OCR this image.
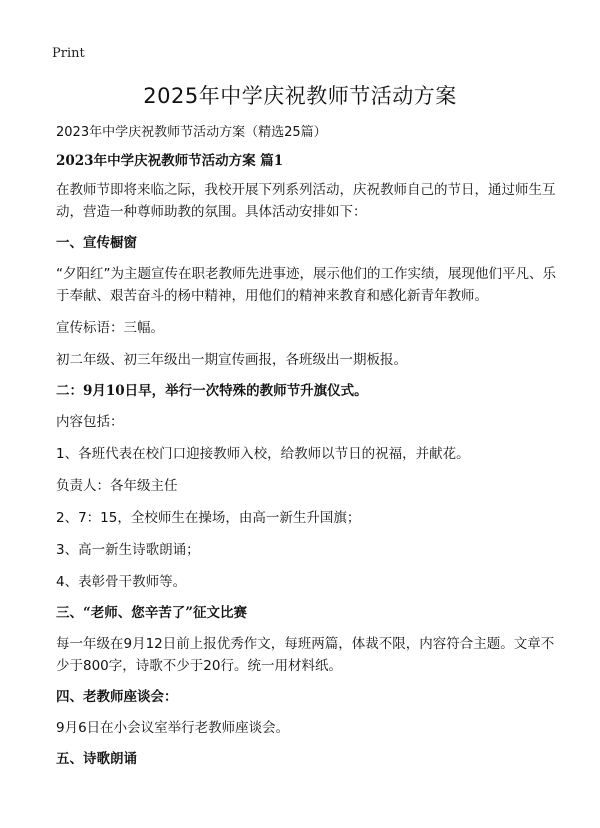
Print
2025年中学庆祝教师节活动方案

2023年中学庆祝教师节活动方案（精选25篇）

2023年中学庆祝教师节活动方案 篇1

在教师节即将来临之际，我校开展下列系列活动，庆祝教师自己的节日，通过师生互动，营造一种尊师助教的氛围。具体活动安排如下：

一、宣传橱窗

“夕阳红”为主题宣传在职老教师先进事迹，展示他们的工作实绩，展现他们平凡、乐于奉献、艰苦奋斗的杨中精神，用他们的精神来教育和感化新青年教师。

宣传标语：三幅。

初二年级、初三年级出一期宣传画报，各班级出一期板报。

二：9月10日早，举行一次特殊的教师节升旗仪式。

内容包括：

1、各班代表在校门口迎接教师入校，给教师以节日的祝福，并献花。

负责人：各年级主任

2、7：15，全校师生在操场，由高一新生升国旗；

3、高一新生诗歌朗诵；

4、表彰骨干教师等。

三、“老师、您辛苦了”征文比赛

每一年级在9月12日前上报优秀作文，每班两篇，体裁不限，内容符合主题。文章不少于800字，诗歌不少于20行。统一用材料纸。

四、老教师座谈会：

9月6日在小会议室举行老教师座谈会。

五、诗歌朗诵
